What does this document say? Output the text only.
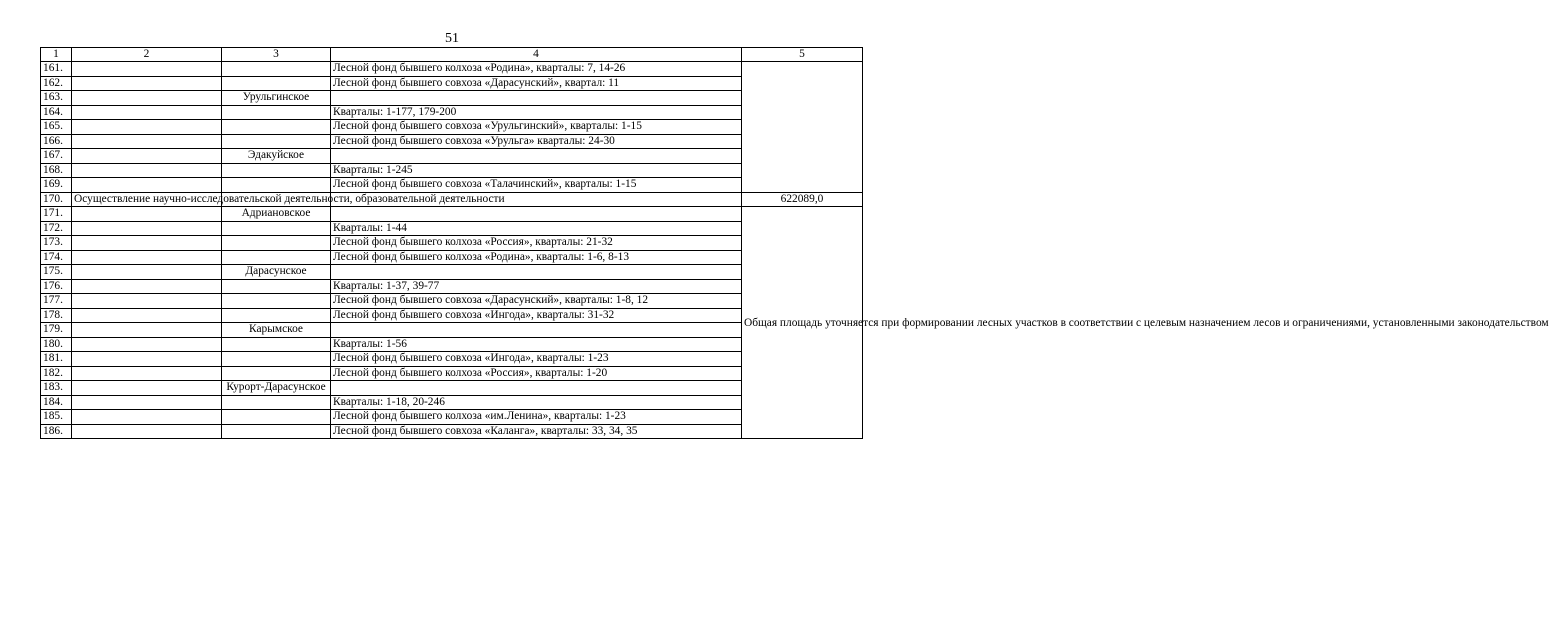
51
1	2	3	4	5
161.			Лесной фонд бывшего колхоза «Родина», кварталы: 7, 14-26	
162.			Лесной фонд бывшего совхоза «Дарасунский», квартал: 11	
163.		Урульгинское		
164.			Кварталы: 1-177, 179-200	
165.			Лесной фонд бывшего совхоза «Урульгинский», кварталы: 1-15	
166.			Лесной фонд бывшего совхоза «Урульга» кварталы: 24-30	
167.		Эдакуйское		
168.			Кварталы: 1-245	
169.			Лесной фонд бывшего совхоза «Талачинский», кварталы: 1-15	
170.	Осуществление научно-исследовательской деятельности, образовательной деятельности			622089,0
171.		Адриановское		Общая площадь уточняется при формировании лесных участков в соответствии с целевым назначением лесов и ограничениями, установленными законодательством
172.			Кварталы: 1-44	
173.			Лесной фонд бывшего колхоза «Россия», кварталы: 21-32	
174.			Лесной фонд бывшего колхоза «Родина», кварталы: 1-6, 8-13	
175.		Дарасунское		
176.			Кварталы: 1-37, 39-77	
177.			Лесной фонд бывшего совхоза «Дарасунский», кварталы: 1-8, 12	
178.			Лесной фонд бывшего совхоза «Ингода», кварталы: 31-32	
179.		Карымское		
180.			Кварталы: 1-56	
181.			Лесной фонд бывшего совхоза «Ингода», кварталы: 1-23	
182.			Лесной фонд бывшего колхоза «Россия», кварталы: 1-20	
183.		Курорт-Дарасунское		
184.			Кварталы: 1-18, 20-246	
185.			Лесной фонд бывшего колхоза «им.Ленина», кварталы: 1-23	
186.			Лесной фонд бывшего совхоза «Каланга», кварталы: 33, 34, 35	
